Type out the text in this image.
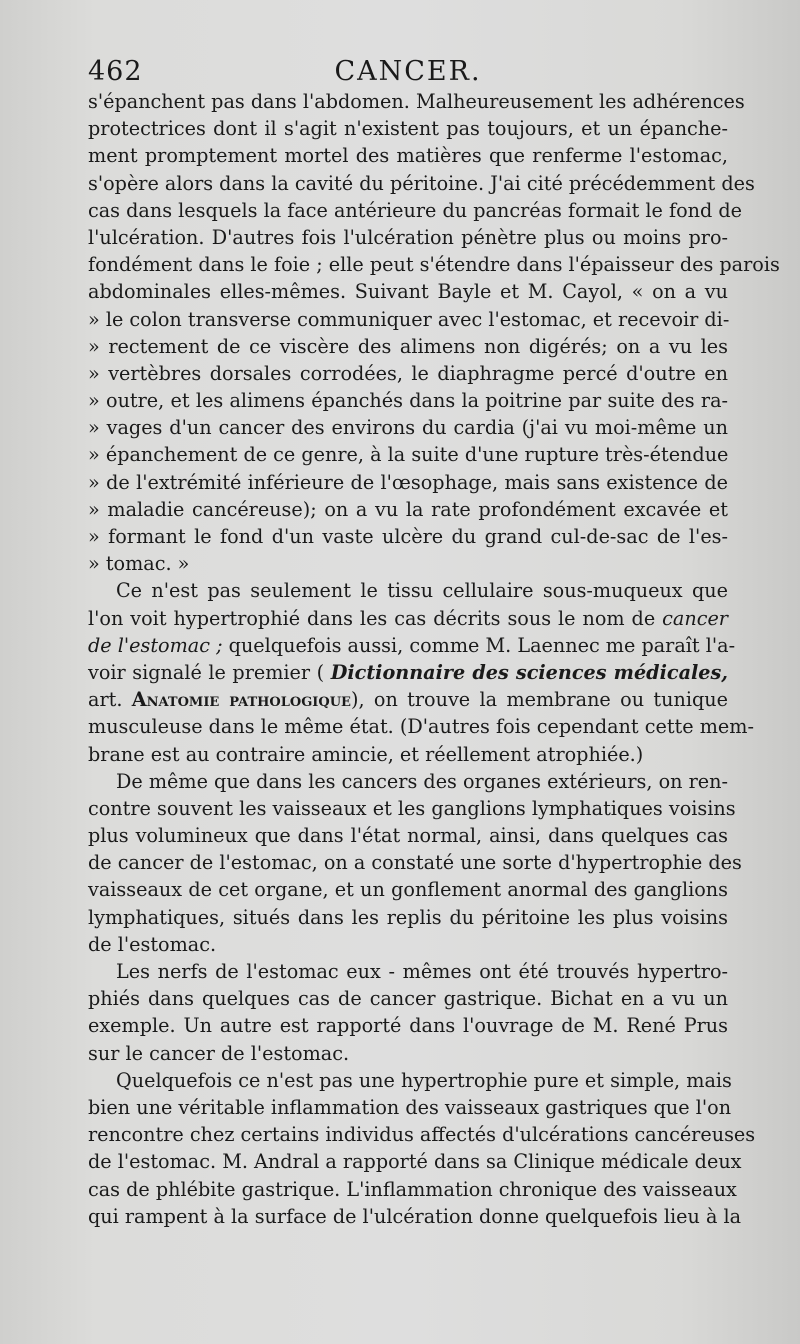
462	CANCER.
s'épanchent pas dans l'abdomen. Malheureusement les adhérences
protectrices dont il s'agit n'existent pas toujours, et un épanche-
ment promptement mortel des matières que renferme l'estomac,
s'opère alors dans la cavité du péritoine. J'ai cité précédemment des
cas dans lesquels la face antérieure du pancréas formait le fond de
l'ulcération. D'autres fois l'ulcération pénètre plus ou moins pro-
fondément dans le foie ; elle peut s'étendre dans l'épaisseur des parois
abdominales elles-mêmes. Suivant Bayle et M. Cayol, « on a vu
» le colon transverse communiquer avec l'estomac, et recevoir di-
» rectement de ce viscère des alimens non digérés; on a vu les
» vertèbres dorsales corrodées, le diaphragme percé d'outre en
» outre, et les alimens épanchés dans la poitrine par suite des ra-
» vages d'un cancer des environs du cardia (j'ai vu moi-même un
» épanchement de ce genre, à la suite d'une rupture très-étendue
» de l'extrémité inférieure de l'œsophage, mais sans existence de
» maladie cancéreuse); on a vu la rate profondément excavée et
» formant le fond d'un vaste ulcère du grand cul-de-sac de l'es-
» tomac. »
Ce n'est pas seulement le tissu cellulaire sous-muqueux que
l'on voit hypertrophié dans les cas décrits sous le nom de cancer
de l'estomac ; quelquefois aussi, comme M. Laennec me paraît l'a-
voir signalé le premier ( Dictionnaire des sciences médicales,
art. Anatomie pathologique), on trouve la membrane ou tunique
musculeuse dans le même état. (D'autres fois cependant cette mem-
brane est au contraire amincie, et réellement atrophiée.)
De même que dans les cancers des organes extérieurs, on ren-
contre souvent les vaisseaux et les ganglions lymphatiques voisins
plus volumineux que dans l'état normal, ainsi, dans quelques cas
de cancer de l'estomac, on a constaté une sorte d'hypertrophie des
vaisseaux de cet organe, et un gonflement anormal des ganglions
lymphatiques, situés dans les replis du péritoine les plus voisins
de l'estomac.
Les nerfs de l'estomac eux - mêmes ont été trouvés hypertro-
phiés dans quelques cas de cancer gastrique. Bichat en a vu un
exemple. Un autre est rapporté dans l'ouvrage de M. René Prus
sur le cancer de l'estomac.
Quelquefois ce n'est pas une hypertrophie pure et simple, mais
bien une véritable inflammation des vaisseaux gastriques que l'on
rencontre chez certains individus affectés d'ulcérations cancéreuses
de l'estomac. M. Andral a rapporté dans sa Clinique médicale deux
cas de phlébite gastrique. L'inflammation chronique des vaisseaux
qui rampent à la surface de l'ulcération donne quelquefois lieu à la
